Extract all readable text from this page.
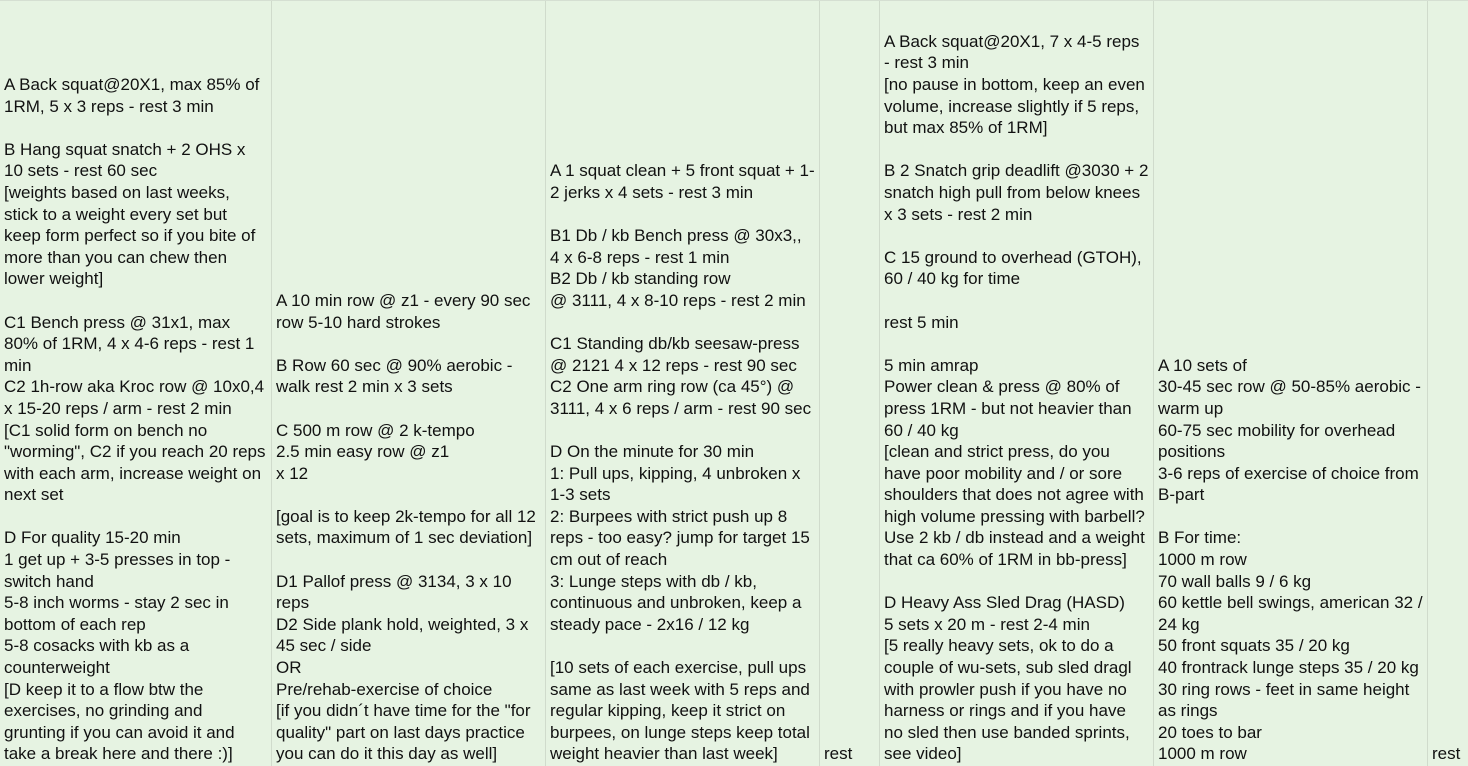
A Back squat@20X1, max 85% of 1RM, 5 x 3 reps - rest 3 min

B Hang squat snatch + 2 OHS x 10 sets - rest 60 sec
[weights based on last weeks, stick to a weight every set but keep form perfect so if you bite of more than you can chew then lower weight]

C1 Bench press @ 31x1, max 80% of 1RM, 4 x 4-6 reps - rest 1 min
C2 1h-row aka Kroc row @ 10x0,4 x 15-20 reps / arm - rest 2 min
[C1 solid form on bench no "worming", C2 if you reach 20 reps with each arm, increase weight on next set

D For quality 15-20 min
1 get up + 3-5 presses in top - switch hand
5-8 inch worms - stay 2 sec in bottom of each rep
5-8 cosacks with kb as a counterweight
[D keep it to a flow btw the exercises, no grinding and grunting if you can avoid it and take a break here and there :)]
A 10 min row @ z1 - every 90 sec row 5-10 hard strokes

B Row 60 sec @ 90% aerobic - walk rest 2 min x 3 sets

C 500 m row @ 2 k-tempo
2.5 min easy row @ z1
x 12

[goal is to keep 2k-tempo for all 12 sets, maximum of 1 sec deviation]

D1 Pallof press @ 3134, 3 x 10 reps
D2 Side plank hold, weighted, 3 x 45 sec / side
OR
Pre/rehab-exercise of choice
[if you didn´t have time for the "for quality" part on last days practice you can do it this day as well]
A 1 squat clean + 5 front squat + 1-2 jerks x 4 sets - rest 3 min

B1 Db / kb Bench press @ 30x3,, 4 x 6-8 reps - rest 1 min
B2 Db / kb standing row
@ 3111, 4 x 8-10 reps - rest 2 min

C1 Standing db/kb seesaw-press @ 2121 4 x 12 reps - rest 90 sec
C2 One arm ring row (ca 45°) @ 3111, 4 x 6 reps / arm - rest 90 sec

D On the minute for 30 min
1: Pull ups, kipping, 4 unbroken x 1-3 sets
2: Burpees with strict push up 8 reps - too easy? jump for target 15 cm out of reach
3: Lunge steps with db / kb, continuous and unbroken, keep a steady pace - 2x16 / 12 kg

[10 sets of each exercise, pull ups same as last week with 5 reps and regular kipping, keep it strict on burpees, on lunge steps keep total weight heavier than last week]	rest
A Back squat@20X1, 7 x 4-5 reps - rest 3 min
[no pause in bottom, keep an even volume, increase slightly if 5 reps, but max 85% of 1RM]

B 2 Snatch grip deadlift @3030 + 2 snatch high pull from below knees x 3 sets - rest 2 min

C 15 ground to overhead (GTOH), 60 / 40 kg for time

rest 5 min

5 min amrap
Power clean & press @ 80% of press 1RM - but not heavier than 60 / 40 kg
[clean and strict press, do you have poor mobility and / or sore shoulders that does not agree with high volume pressing with barbell? Use 2 kb / db instead and a weight that ca 60% of 1RM in bb-press]

D Heavy Ass Sled Drag (HASD)
5 sets x 20 m - rest 2-4 min
[5 really heavy sets, ok to do a couple of wu-sets, sub sled dragl with prowler push if you have no harness or rings and if you have no sled then use banded sprints, see video]
A 10 sets of
30-45 sec row @ 50-85% aerobic - warm up
60-75 sec mobility for overhead positions
3-6 reps of exercise of choice from B-part

B For time:
1000 m row
70 wall balls 9 / 6 kg
60 kettle bell swings, american 32 / 24 kg
50 front squats 35 / 20 kg
40 frontrack lunge steps 35 / 20 kg
30 ring rows - feet in same height as rings
20 toes to bar
1000 m row	rest
